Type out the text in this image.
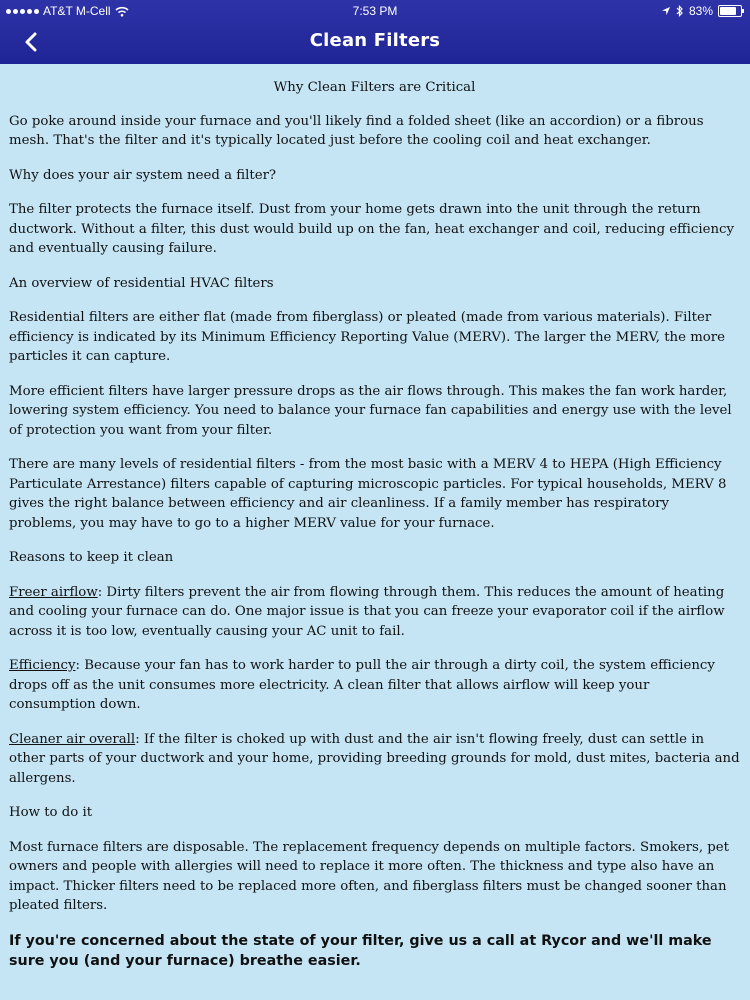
AT&T M-Cell	7:53 PM	83%
Clean Filters
Why Clean Filters are Critical

Go poke around inside your furnace and you'll likely find a folded sheet (like an accordion) or a fibrous mesh. That's the filter and it's typically located just before the cooling coil and heat exchanger.

Why does your air system need a filter?

The filter protects the furnace itself. Dust from your home gets drawn into the unit through the return ductwork. Without a filter, this dust would build up on the fan, heat exchanger and coil, reducing efficiency and eventually causing failure.

An overview of residential HVAC filters

Residential filters are either flat (made from fiberglass) or pleated (made from various materials). Filter efficiency is indicated by its Minimum Efficiency Reporting Value (MERV). The larger the MERV, the more particles it can capture.

More efficient filters have larger pressure drops as the air flows through. This makes the fan work harder, lowering system efficiency. You need to balance your furnace fan capabilities and energy use with the level of protection you want from your filter.

There are many levels of residential filters - from the most basic with a MERV 4 to HEPA (High Efficiency Particulate Arrestance) filters capable of capturing microscopic particles. For typical households, MERV 8 gives the right balance between efficiency and air cleanliness. If a family member has respiratory problems, you may have to go to a higher MERV value for your furnace.

Reasons to keep it clean

Freer airflow: Dirty filters prevent the air from flowing through them. This reduces the amount of heating and cooling your furnace can do. One major issue is that you can freeze your evaporator coil if the airflow across it is too low, eventually causing your AC unit to fail.

Efficiency: Because your fan has to work harder to pull the air through a dirty coil, the system efficiency drops off as the unit consumes more electricity. A clean filter that allows airflow will keep your consumption down.

Cleaner air overall: If the filter is choked up with dust and the air isn't flowing freely, dust can settle in other parts of your ductwork and your home, providing breeding grounds for mold, dust mites, bacteria and allergens.

How to do it

Most furnace filters are disposable. The replacement frequency depends on multiple factors. Smokers, pet owners and people with allergies will need to replace it more often. The thickness and type also have an impact. Thicker filters need to be replaced more often, and fiberglass filters must be changed sooner than pleated filters.

If you're concerned about the state of your filter, give us a call at Rycor and we'll make sure you (and your furnace) breathe easier.
